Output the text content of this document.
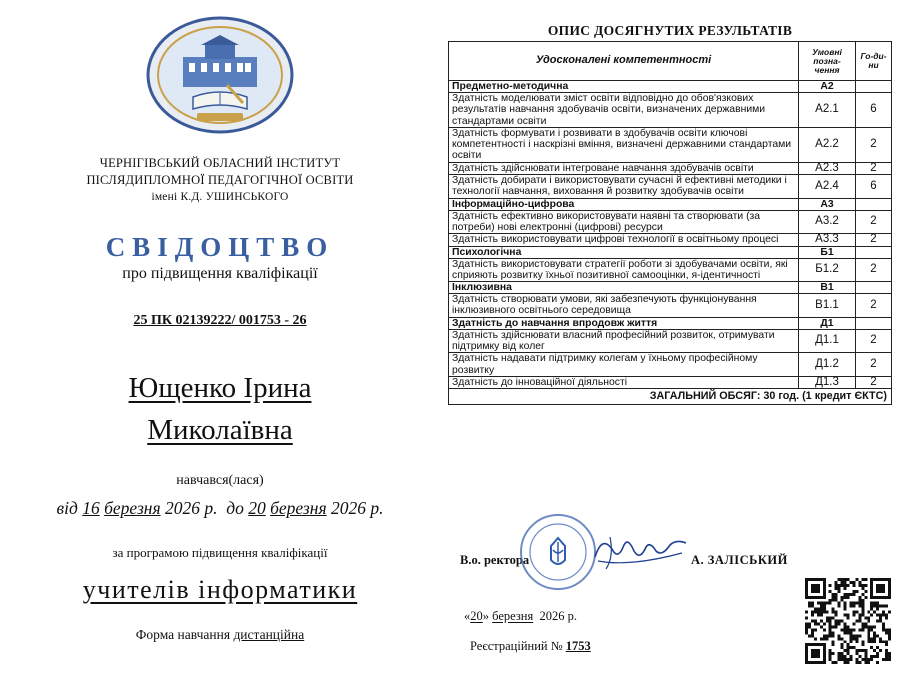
ЧЕРНІГІВСЬКИЙ ОБЛАСНИЙ ІНСТИТУТ
ПІСЛЯДИПЛОМНОЇ ПЕДАГОГІЧНОЇ ОСВІТИ
імені К.Д. УШИНСЬКОГО
СВІДОЦТВО
про підвищення кваліфікації
25 ПК 02139222/ 001753 - 26
Ющенко Ірина
Миколаївна
навчався(лася)
від 16 березня 2026 р. до 20 березня 2026 р.
за програмою підвищення кваліфікації
учителів інформатики
Форма навчання дистанційна
ОПИС ДОСЯГНУТИХ РЕЗУЛЬТАТІВ
Удосконалені компетентності	Умовні позна-чення	Го-ди-ни
Предметно-методична	А2	
Здатність моделювати зміст освіти відповідно до обов'язкових результатів навчання здобувачів освіти, визначених державними стандартами освіти	А2.1	6
Здатність формувати і розвивати в здобувачів освіти ключові компетентності і наскрізні вміння, визначені державними стандартами освіти	А2.2	2
Здатність здійснювати інтегроване навчання здобувачів освіти	А2.3	2
Здатність добирати і використовувати сучасні й ефективні методики і технології навчання, виховання й розвитку здобувачів освіти	А2.4	6
Інформаційно-цифрова	А3	
Здатність ефективно використовувати наявні та створювати (за потреби) нові електронні (цифрові) ресурси	А3.2	2
Здатність використовувати цифрові технології в освітньому процесі	А3.3	2
Психологічна	Б1	
Здатність використовувати стратегії роботи зі здобувачами освіти, які сприяють розвитку їхньої позитивної самооцінки, я-ідентичності	Б1.2	2
Інклюзивна	В1	
Здатність створювати умови, які забезпечують функціонування інклюзивного освітнього середовища	В1.1	2
Здатність до навчання впродовж життя	Д1	
Здатність здійснювати власний професійний розвиток, отримувати підтримку від колег	Д1.1	2
Здатність надавати підтримку колегам у їхньому професійному розвитку	Д1.2	2
Здатність до інноваційної діяльності	Д1.3	2
ЗАГАЛЬНИЙ ОБСЯГ: 30 год. (1 кредит ЄКТС)		
В.о. ректора	А. ЗАЛІСЬКИЙ
«20» березня 2026 р.
Реєстраційний № 1753
